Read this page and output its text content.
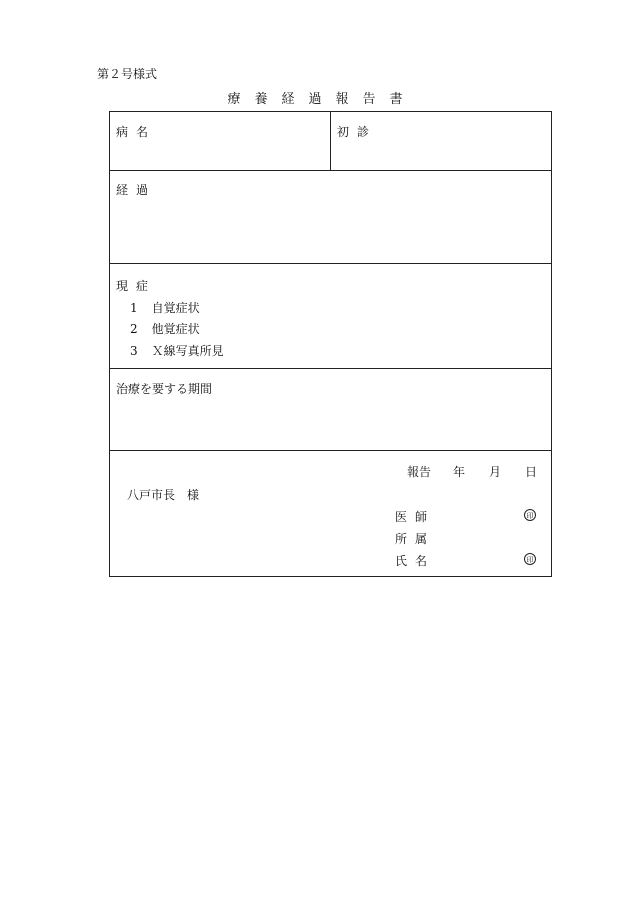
第２号様式
療養経過報告書
病名	初診
経過
現症
1 自覚症状
2 他覚症状
3 Ｘ線写真所見
治療を要する期間
報告 年 月 日
八戸市長　様
医師	印
所属
氏名	印
